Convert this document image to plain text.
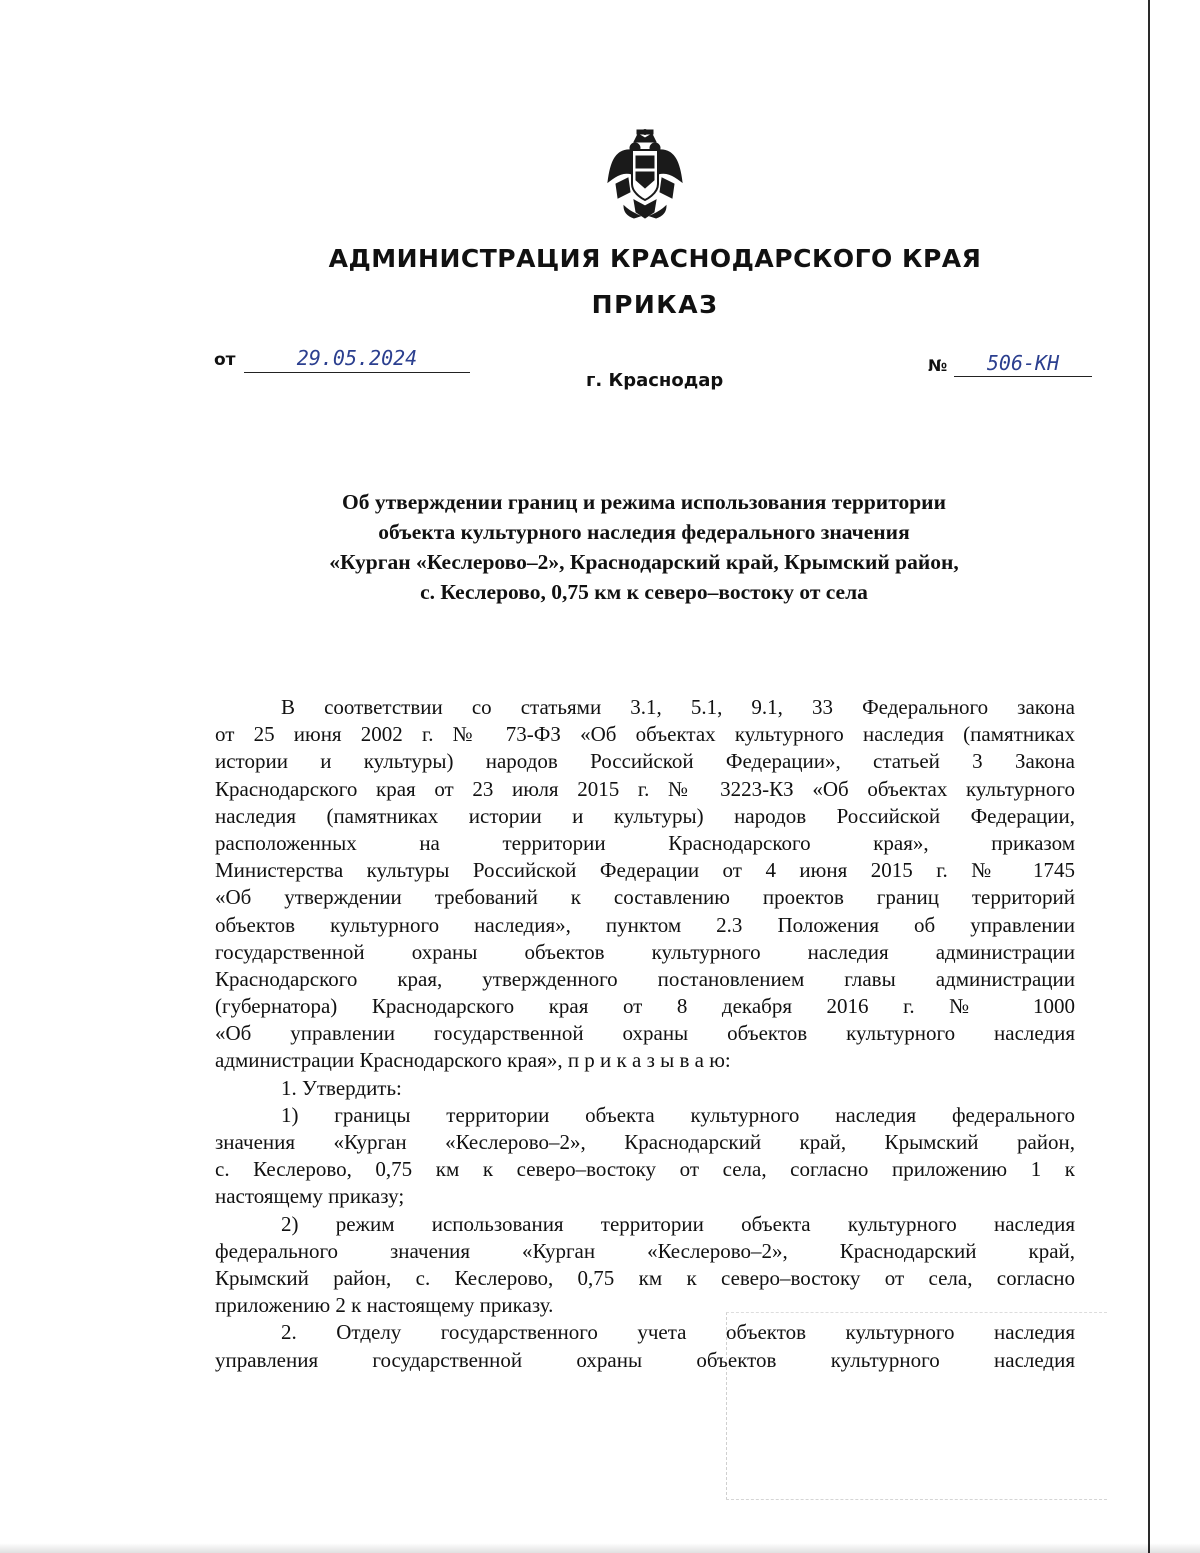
АДМИНИСТРАЦИЯ КРАСНОДАРСКОГО КРАЯ
ПРИКАЗ
от	29.05.2024
г. Краснодар
№	506-КН
Об утверждении границ и режима использования территории
объекта культурного наследия федерального значения
«Курган «Кеслерово–2», Краснодарский край, Крымский район,
с. Кеслерово, 0,75 км к северо–востоку от села
В соответствии со статьями 3.1, 5.1, 9.1, 33 Федерального закона
от 25 июня 2002 г. № 73-ФЗ «Об объектах культурного наследия (памятниках
истории и культуры) народов Российской Федерации», статьей 3 Закона
Краснодарского края от 23 июля 2015 г. № 3223-КЗ «Об объектах культурного
наследия (памятниках истории и культуры) народов Российской Федерации,
расположенных на территории Краснодарского края», приказом
Министерства культуры Российской Федерации от 4 июня 2015 г. № 1745
«Об утверждении требований к составлению проектов границ территорий
объектов культурного наследия», пунктом 2.3 Положения об управлении
государственной охраны объектов культурного наследия администрации
Краснодарского края, утвержденного постановлением главы администрации
(губернатора) Краснодарского края от 8 декабря 2016 г. № 1000
«Об управлении государственной охраны объектов культурного наследия
администрации Краснодарского края», п р и к а з ы в а ю:
1. Утвердить:
1) границы территории объекта культурного наследия федерального
значения «Курган «Кеслерово–2», Краснодарский край, Крымский район,
с. Кеслерово, 0,75 км к северо–востоку от села, согласно приложению 1 к
настоящему приказу;
2) режим использования территории объекта культурного наследия
федерального значения «Курган «Кеслерово–2», Краснодарский край,
Крымский район, с. Кеслерово, 0,75 км к северо–востоку от села, согласно
приложению 2 к настоящему приказу.
2. Отделу государственного учета объектов культурного наследия
управления государственной охраны объектов культурного наследия
